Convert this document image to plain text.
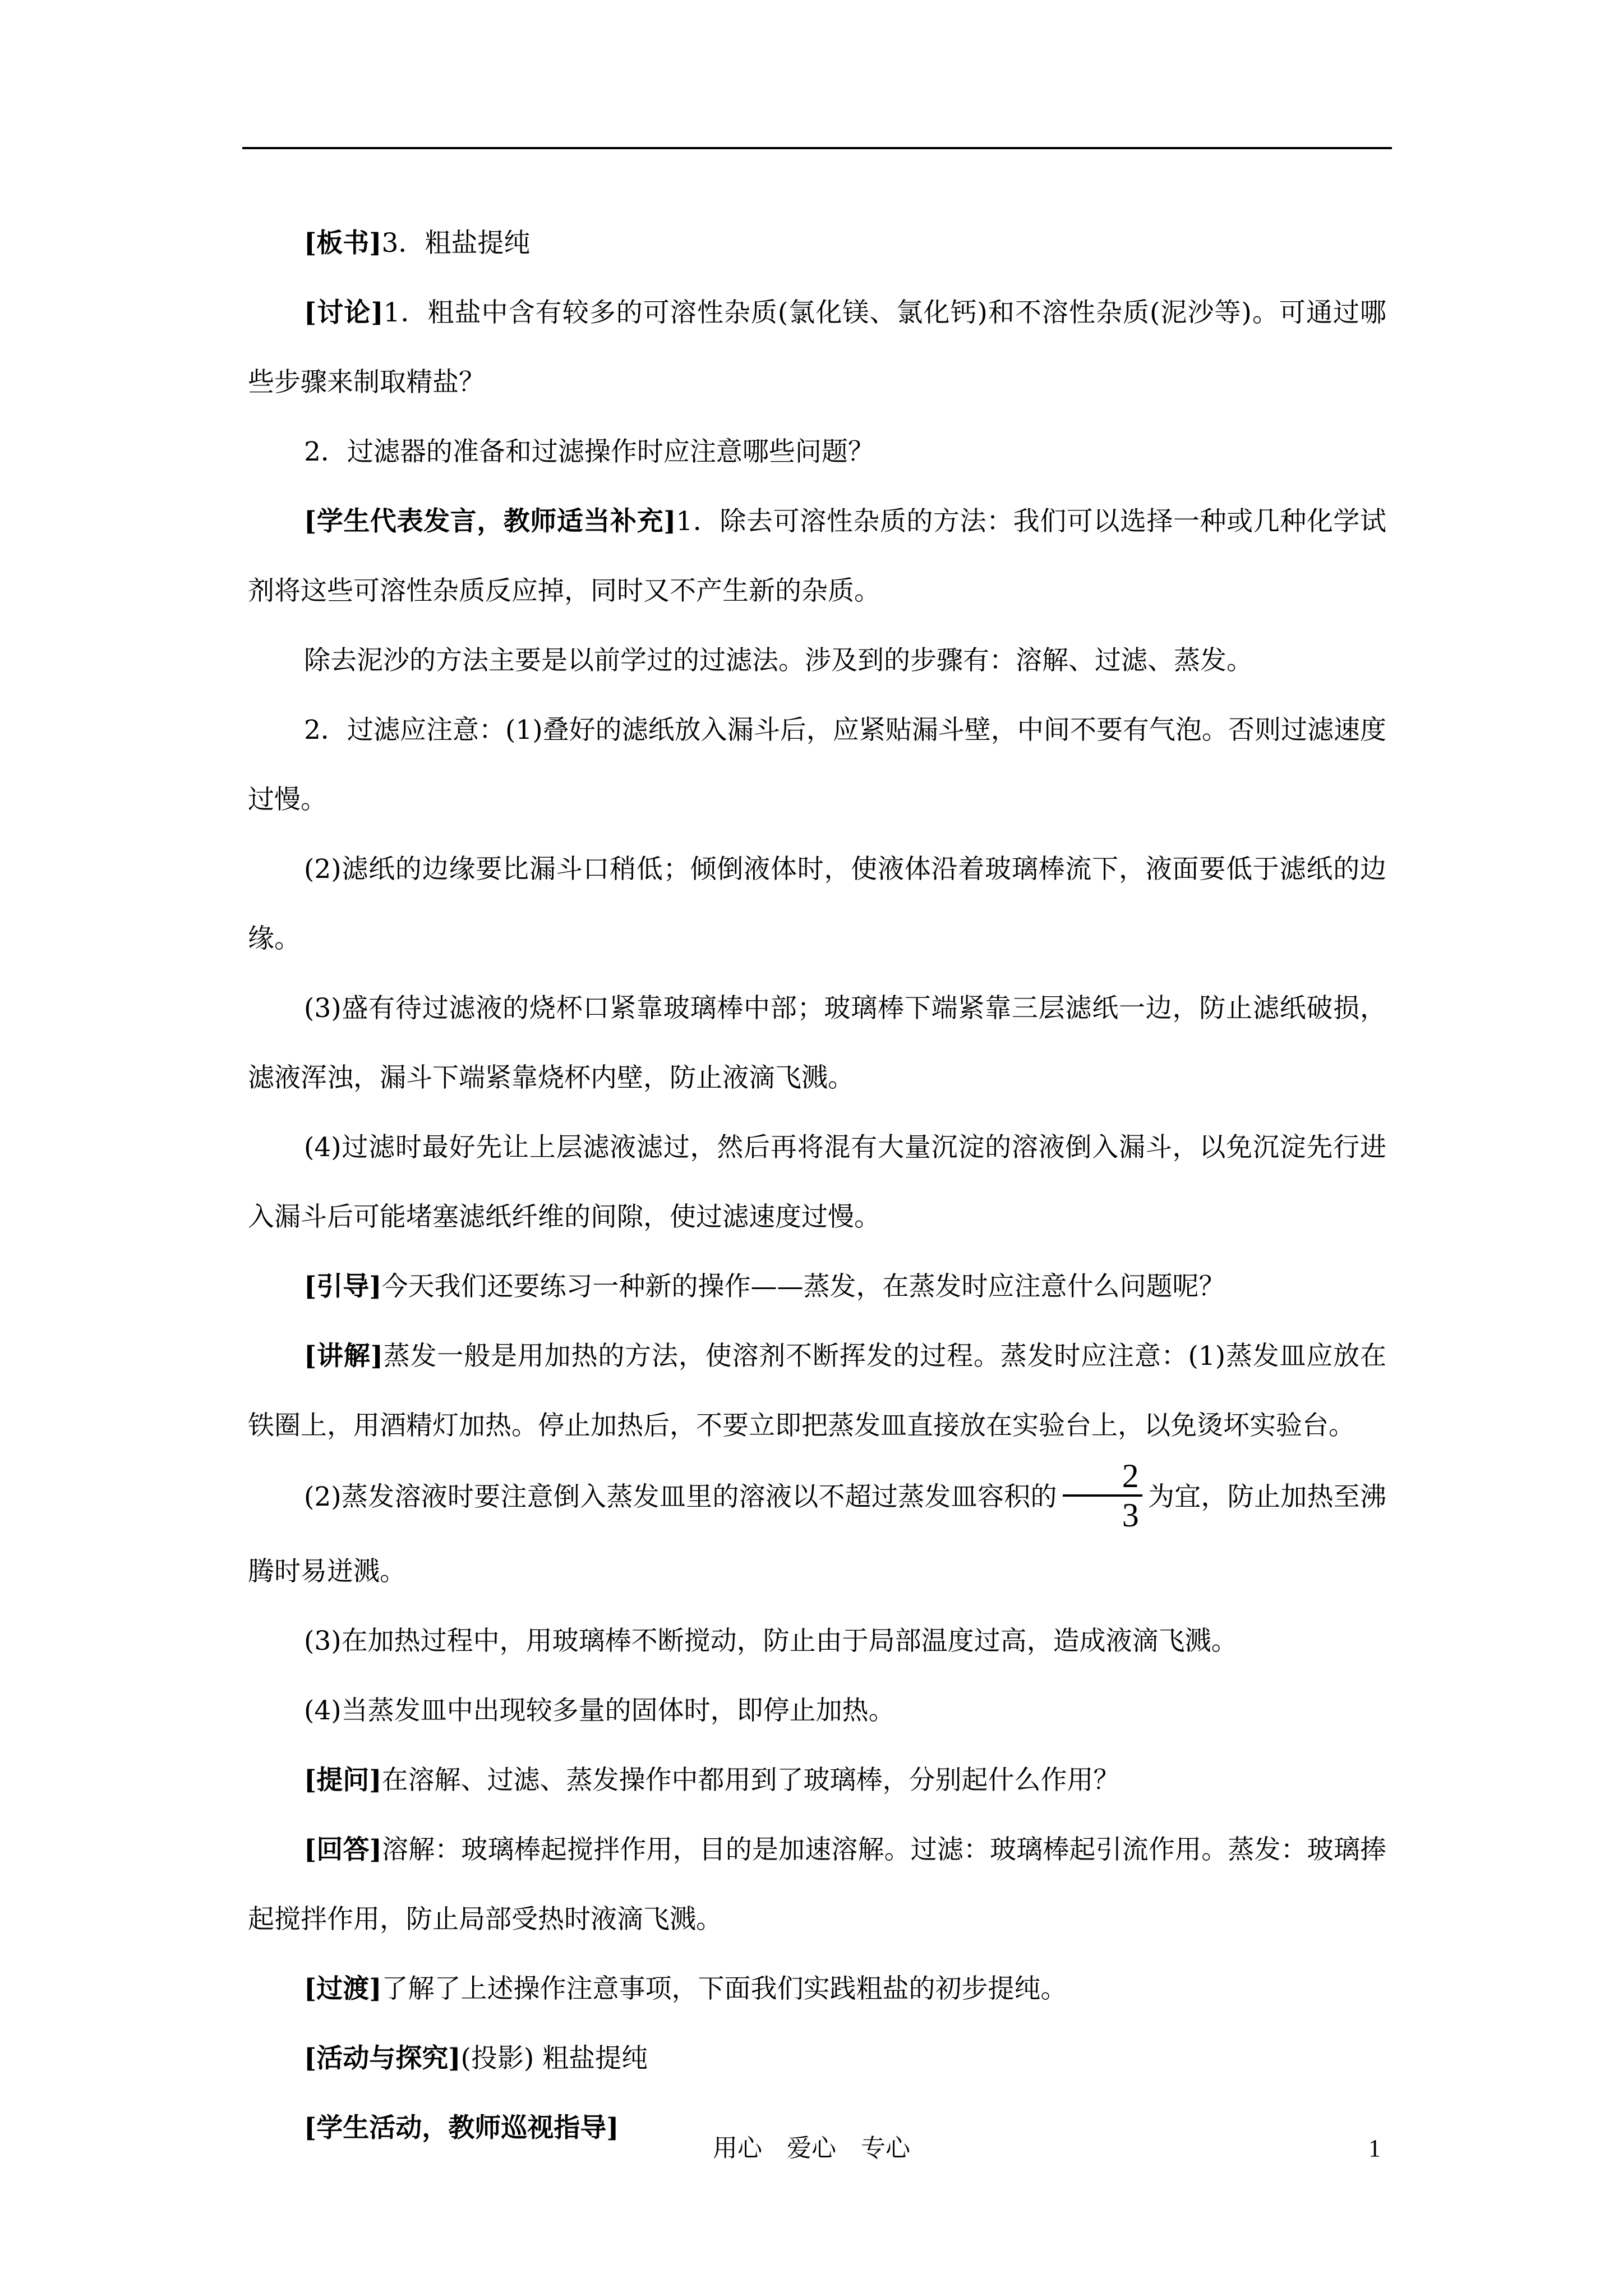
[板书]3．粗盐提纯

[讨论]1．粗盐中含有较多的可溶性杂质(氯化镁、氯化钙)和不溶性杂质(泥沙等)。可通过哪些步骤来制取精盐？

2．过滤器的准备和过滤操作时应注意哪些问题？

[学生代表发言，教师适当补充]1．除去可溶性杂质的方法：我们可以选择一种或几种化学试剂将这些可溶性杂质反应掉，同时又不产生新的杂质。

除去泥沙的方法主要是以前学过的过滤法。涉及到的步骤有：溶解、过滤、蒸发。

2．过滤应注意：(1)叠好的滤纸放入漏斗后，应紧贴漏斗壁，中间不要有气泡。否则过滤速度过慢。

(2)滤纸的边缘要比漏斗口稍低；倾倒液体时，使液体沿着玻璃棒流下，液面要低于滤纸的边缘。

(3)盛有待过滤液的烧杯口紧靠玻璃棒中部；玻璃棒下端紧靠三层滤纸一边，防止滤纸破损，滤液浑浊，漏斗下端紧靠烧杯内壁，防止液滴飞溅。

(4)过滤时最好先让上层滤液滤过，然后再将混有大量沉淀的溶液倒入漏斗，以免沉淀先行进入漏斗后可能堵塞滤纸纤维的间隙，使过滤速度过慢。

[引导]今天我们还要练习一种新的操作——蒸发，在蒸发时应注意什么问题呢？

[讲解]蒸发一般是用加热的方法，使溶剂不断挥发的过程。蒸发时应注意：(1)蒸发皿应放在铁圈上，用酒精灯加热。停止加热后，不要立即把蒸发皿直接放在实验台上，以免烫坏实验台。

(2)蒸发溶液时要注意倒入蒸发皿里的溶液以不超过蒸发皿容积的 $\frac{2}{3}$ 为宜，防止加热至沸腾时易迸溅。

(3)在加热过程中，用玻璃棒不断搅动，防止由于局部温度过高，造成液滴飞溅。

(4)当蒸发皿中出现较多量的固体时，即停止加热。

[提问]在溶解、过滤、蒸发操作中都用到了玻璃棒，分别起什么作用？

[回答]溶解：玻璃棒起搅拌作用，目的是加速溶解。过滤：玻璃棒起引流作用。蒸发：玻璃捧起搅拌作用，防止局部受热时液滴飞溅。

[过渡]了解了上述操作注意事项，下面我们实践粗盐的初步提纯。

[活动与探究](投影) 粗盐提纯

[学生活动，教师巡视指导]

用心　爱心　专心	1
